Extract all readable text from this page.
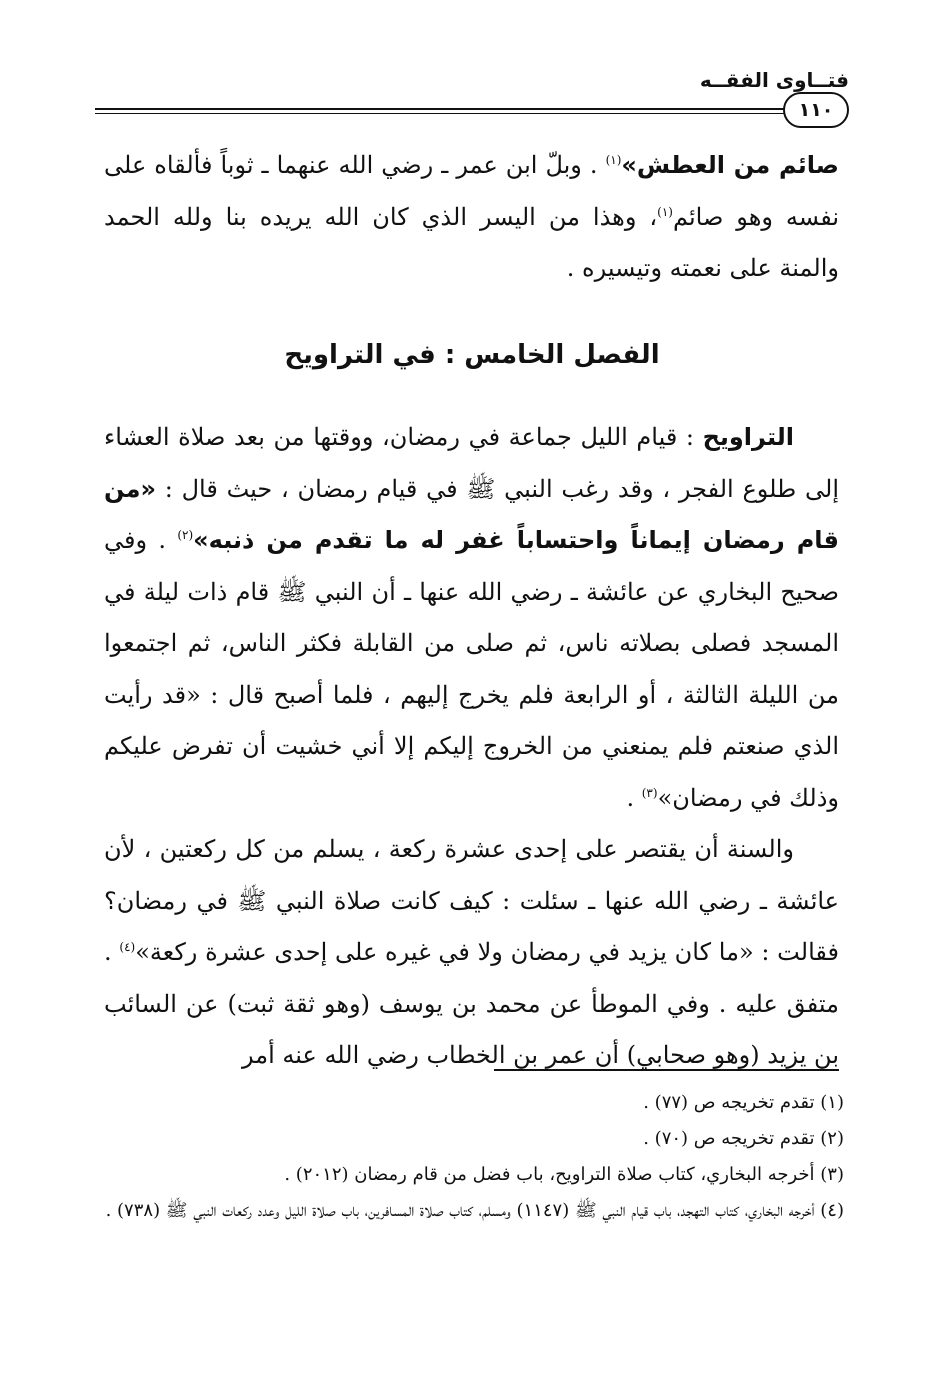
فتــاوى الفقــه
١١٠

صائم من العطش»$^{(١)}$ . وبلّ ابن عمر ـ رضي الله عنهما ـ ثوباً فألقاه على نفسه وهو صائم$^{(١)}$، وهذا من اليسر الذي كان الله يريده بنا ولله الحمد والمنة على نعمته وتيسيره .

الفصل الخامس : في التراويح

التراويح : قيام الليل جماعة في رمضان، ووقتها من بعد صلاة العشاء إلى طلوع الفجر ، وقد رغب النبي ﷺ في قيام رمضان ، حيث قال : «من قام رمضان إيماناً واحتساباً غفر له ما تقدم من ذنبه»$^{(٢)}$ . وفي صحيح البخاري عن عائشة ـ رضي الله عنها ـ أن النبي ﷺ قام ذات ليلة في المسجد فصلى بصلاته ناس، ثم صلى من القابلة فكثر الناس، ثم اجتمعوا من الليلة الثالثة ، أو الرابعة فلم يخرج إليهم ، فلما أصبح قال : «قد رأيت الذي صنعتم فلم يمنعني من الخروج إليكم إلا أني خشيت أن تفرض عليكم وذلك في رمضان»$^{(٣)}$ .

والسنة أن يقتصر على إحدى عشرة ركعة ، يسلم من كل ركعتين ، لأن عائشة ـ رضي الله عنها ـ سئلت : كيف كانت صلاة النبي ﷺ في رمضان؟ فقالت : «ما كان يزيد في رمضان ولا في غيره على إحدى عشرة ركعة»$^{(٤)}$ . متفق عليه . وفي الموطأ عن محمد بن يوسف (وهو ثقة ثبت) عن السائب بن يزيد (وهو صحابي) أن عمر بن الخطاب رضي الله عنه أمر

(١) تقدم تخريجه ص (٧٧) .
(٢) تقدم تخريجه ص (٧٠) .
(٣) أخرجه البخاري، كتاب صلاة التراويح، باب فضل من قام رمضان (٢٠١٢) .
(٤) أخرجه البخاري، كتاب التهجد، باب قيام النبي ﷺ (١١٤٧) ومسلم، كتاب صلاة المسافرين، باب صلاة الليل وعدد ركعات النبي ﷺ (٧٣٨) .
